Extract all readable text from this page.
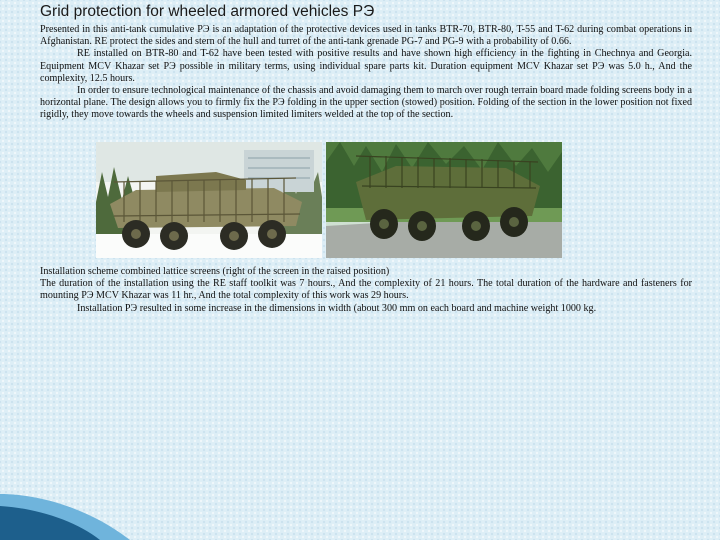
Grid protection for wheeled armored vehicles РЭ

Presented in this anti-tank cumulative РЭ is an adaptation of the protective devices used in tanks BTR-70, BTR-80, T-55 and T-62 during combat operations in Afghanistan. RE protect the sides and stern of the hull and turret of the anti-tank grenade PG-7 and PG-9 with a probability of 0.66.

RE installed on BTR-80 and T-62 have been tested with positive results and have shown high efficiency in the fighting in Chechnya and Georgia. Equipment MCV Khazar set РЭ possible in military terms, using individual spare parts kit. Duration equipment MCV Khazar set РЭ was 5.0 h., And the complexity, 12.5 hours.

In order to ensure technological maintenance of the chassis and avoid damaging them to march over rough terrain board made folding screens body in a horizontal plane. The design allows you to firmly fix the РЭ folding in the upper section (stowed) position. Folding of the section in the lower position not fixed rigidly, they move towards the wheels and suspension limited limiters welded at the top of the section.

Installation scheme combined lattice screens (right of the screen in the raised position)

The duration of the installation using the RE staff toolkit was 7 hours., And the complexity of 21 hours. The total duration of the hardware and fasteners for mounting РЭ MCV Khazar was 11 hr., And the total complexity of this work was 29 hours.

Installation РЭ resulted in some increase in the dimensions in width (about 300 mm on each board and machine weight 1000 kg.
